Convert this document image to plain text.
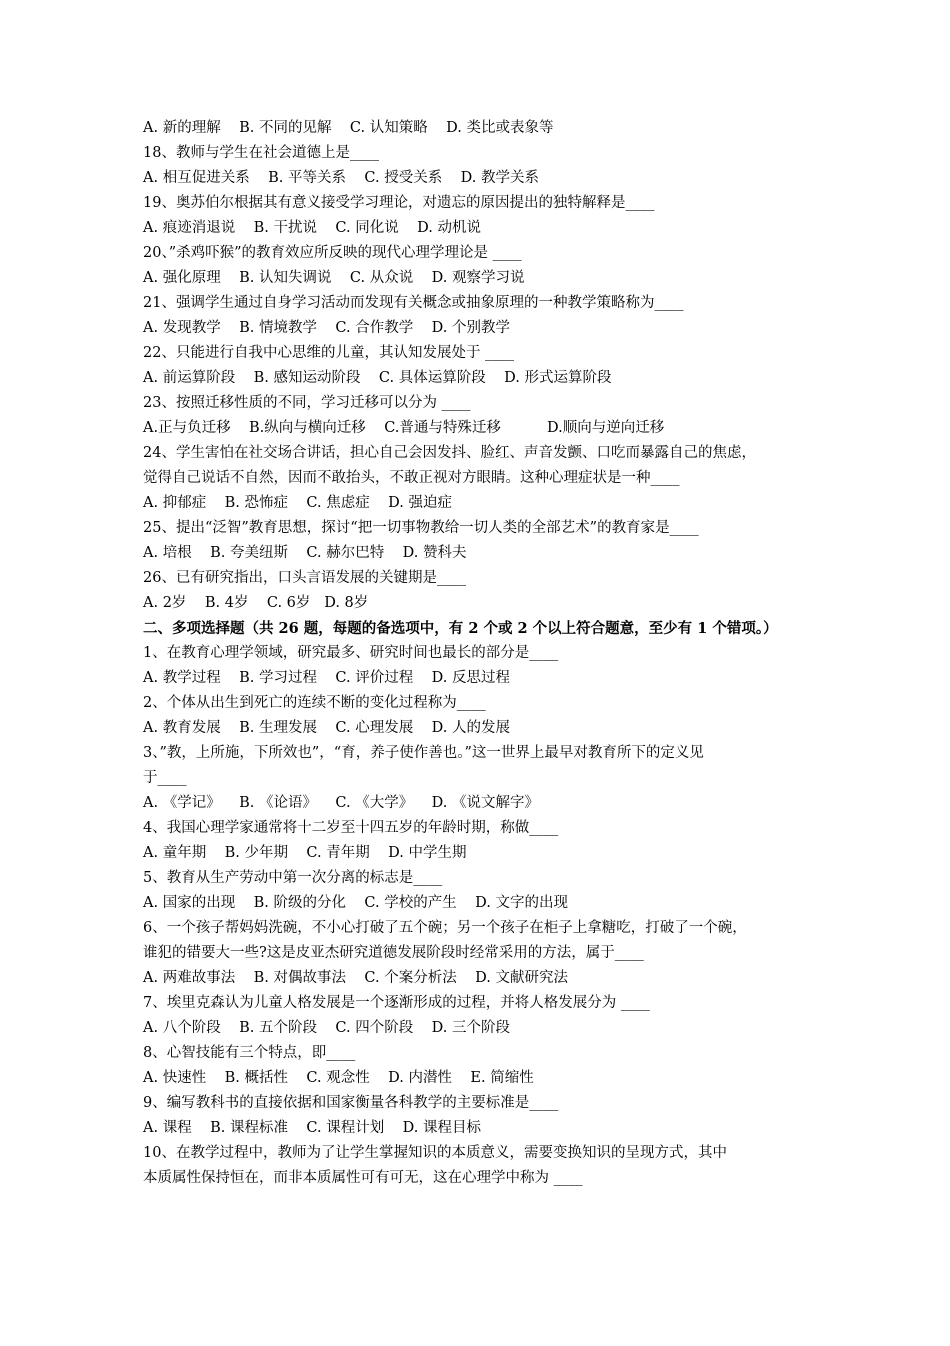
A. 新的理解    B. 不同的见解    C. 认知策略    D. 类比或表象等
18、教师与学生在社会道德上是____
A. 相互促进关系    B. 平等关系    C. 授受关系    D. 教学关系
19、奥苏伯尔根据其有意义接受学习理论，对遗忘的原因提出的独特解释是____
A. 痕迹消退说    B. 干扰说    C. 同化说    D. 动机说
20、”杀鸡吓猴”的教育效应所反映的现代心理学理论是 ____
A. 强化原理    B. 认知失调说    C. 从众说    D. 观察学习说
21、强调学生通过自身学习活动而发现有关概念或抽象原理的一种教学策略称为____
A. 发现教学    B. 情境教学    C. 合作教学    D. 个别教学
22、只能进行自我中心思维的儿童，其认知发展处于 ____
A. 前运算阶段    B. 感知运动阶段    C. 具体运算阶段    D. 形式运算阶段
23、按照迁移性质的不同，学习迁移可以分为 ____
A.正与负迁移    B.纵向与横向迁移    C.普通与特殊迁移          D.顺向与逆向迁移
24、学生害怕在社交场合讲话，担心自己会因发抖、脸红、声音发颤、口吃而暴露自己的焦虑，
觉得自己说话不自然，因而不敢抬头，不敢正视对方眼睛。这种心理症状是一种____
A. 抑郁症    B. 恐怖症    C. 焦虑症    D. 强迫症
25、提出“泛智”教育思想，探讨“把一切事物教给一切人类的全部艺术”的教育家是____
A. 培根    B. 夸美纽斯    C. 赫尔巴特    D. 赞科夫
26、已有研究指出，口头言语发展的关键期是____
A. 2岁    B. 4岁    C. 6岁   D. 8岁
二、多项选择题（共 26 题，每题的备选项中，有 2 个或 2 个以上符合题意，至少有 1 个错项。）
1、在教育心理学领域，研究最多、研究时间也最长的部分是____
A. 教学过程    B. 学习过程    C. 评价过程    D. 反思过程
2、个体从出生到死亡的连续不断的变化过程称为____
A. 教育发展    B. 生理发展    C. 心理发展    D. 人的发展
3、”教，上所施，下所效也”，“育，养子使作善也。”这一世界上最早对教育所下的定义见
于____
A. 《学记》    B. 《论语》    C. 《大学》    D. 《说文解字》
4、我国心理学家通常将十二岁至十四五岁的年龄时期，称做____
A. 童年期    B. 少年期    C. 青年期    D. 中学生期
5、教育从生产劳动中第一次分离的标志是____
A. 国家的出现    B. 阶级的分化    C. 学校的产生    D. 文字的出现
6、一个孩子帮妈妈洗碗，不小心打破了五个碗；另一个孩子在柜子上拿糖吃，打破了一个碗，
谁犯的错要大一些?这是皮亚杰研究道德发展阶段时经常采用的方法，属于____
A. 两难故事法    B. 对偶故事法    C. 个案分析法    D. 文献研究法
7、埃里克森认为儿童人格发展是一个逐渐形成的过程，并将人格发展分为 ____
A. 八个阶段    B. 五个阶段    C. 四个阶段    D. 三个阶段
8、心智技能有三个特点，即____
A. 快速性    B. 概括性    C. 观念性    D. 内潜性    E. 简缩性
9、编写教科书的直接依据和国家衡量各科教学的主要标准是____
A. 课程    B. 课程标准    C. 课程计划    D. 课程目标
10、在教学过程中，教师为了让学生掌握知识的本质意义，需要变换知识的呈现方式，其中
本质属性保持恒在，而非本质属性可有可无，这在心理学中称为 ____
